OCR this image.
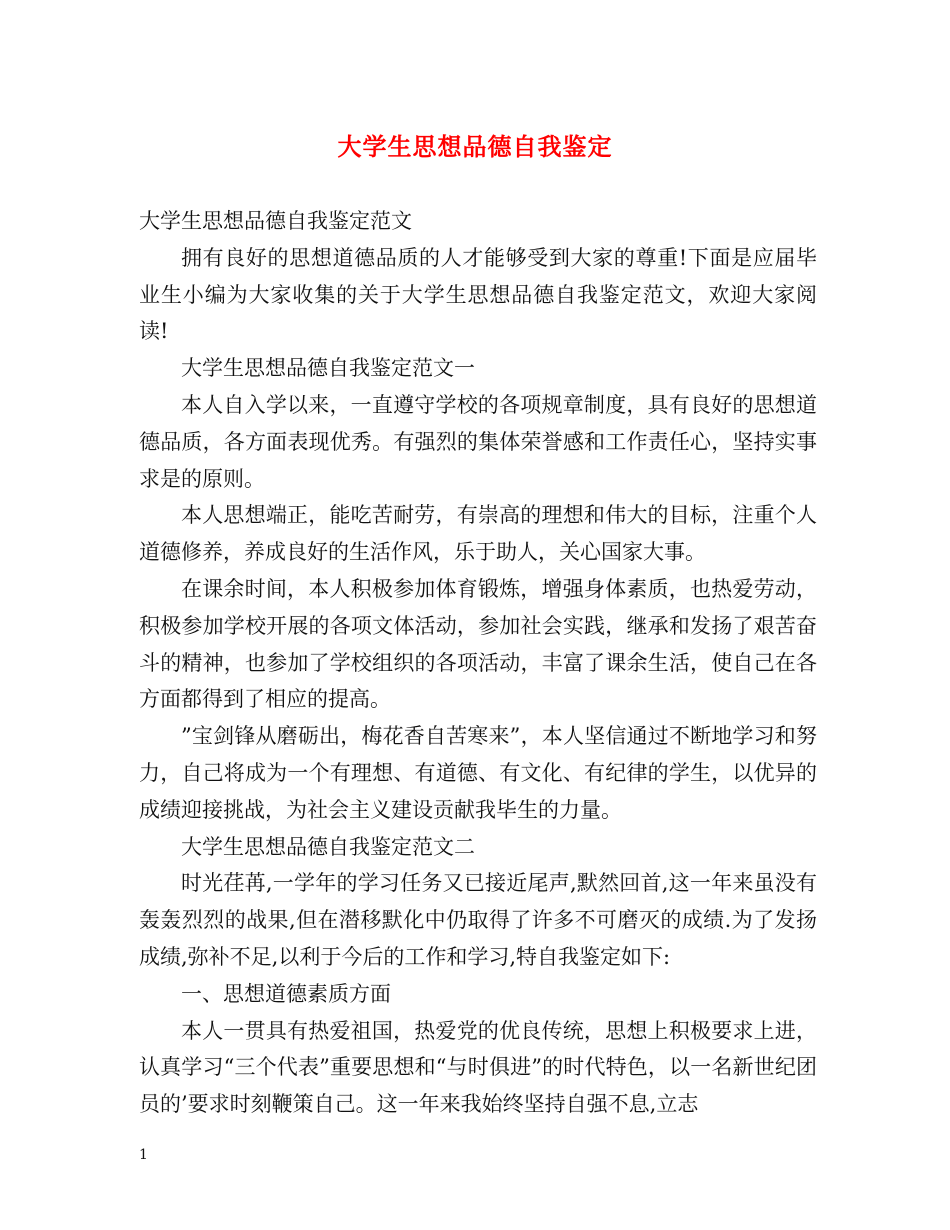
大学生思想品德自我鉴定

大学生思想品德自我鉴定范文

拥有良好的思想道德品质的人才能够受到大家的尊重!下面是应届毕业生小编为大家收集的关于大学生思想品德自我鉴定范文，欢迎大家阅读!

大学生思想品德自我鉴定范文一

本人自入学以来，一直遵守学校的各项规章制度，具有良好的思想道德品质，各方面表现优秀。有强烈的集体荣誉感和工作责任心，坚持实事求是的原则。

本人思想端正，能吃苦耐劳，有崇高的理想和伟大的目标，注重个人道德修养，养成良好的生活作风，乐于助人，关心国家大事。

在课余时间，本人积极参加体育锻炼，增强身体素质，也热爱劳动，积极参加学校开展的各项文体活动，参加社会实践，继承和发扬了艰苦奋斗的精神，也参加了学校组织的各项活动，丰富了课余生活，使自己在各方面都得到了相应的提高。

”宝剑锋从磨砺出，梅花香自苦寒来”，本人坚信通过不断地学习和努力，自己将成为一个有理想、有道德、有文化、有纪律的学生，以优异的成绩迎接挑战，为社会主义建设贡献我毕生的力量。

大学生思想品德自我鉴定范文二

时光荏苒,一学年的学习任务又已接近尾声,默然回首,这一年来虽没有轰轰烈烈的战果,但在潜移默化中仍取得了许多不可磨灭的成绩.为了发扬成绩,弥补不足,以利于今后的工作和学习,特自我鉴定如下:

一、思想道德素质方面

本人一贯具有热爱祖国，热爱党的优良传统，思想上积极要求上进，认真学习“三个代表”重要思想和“与时俱进”的时代特色，以一名新世纪团员的’要求时刻鞭策自己。这一年来我始终坚持自强不息,立志

1
